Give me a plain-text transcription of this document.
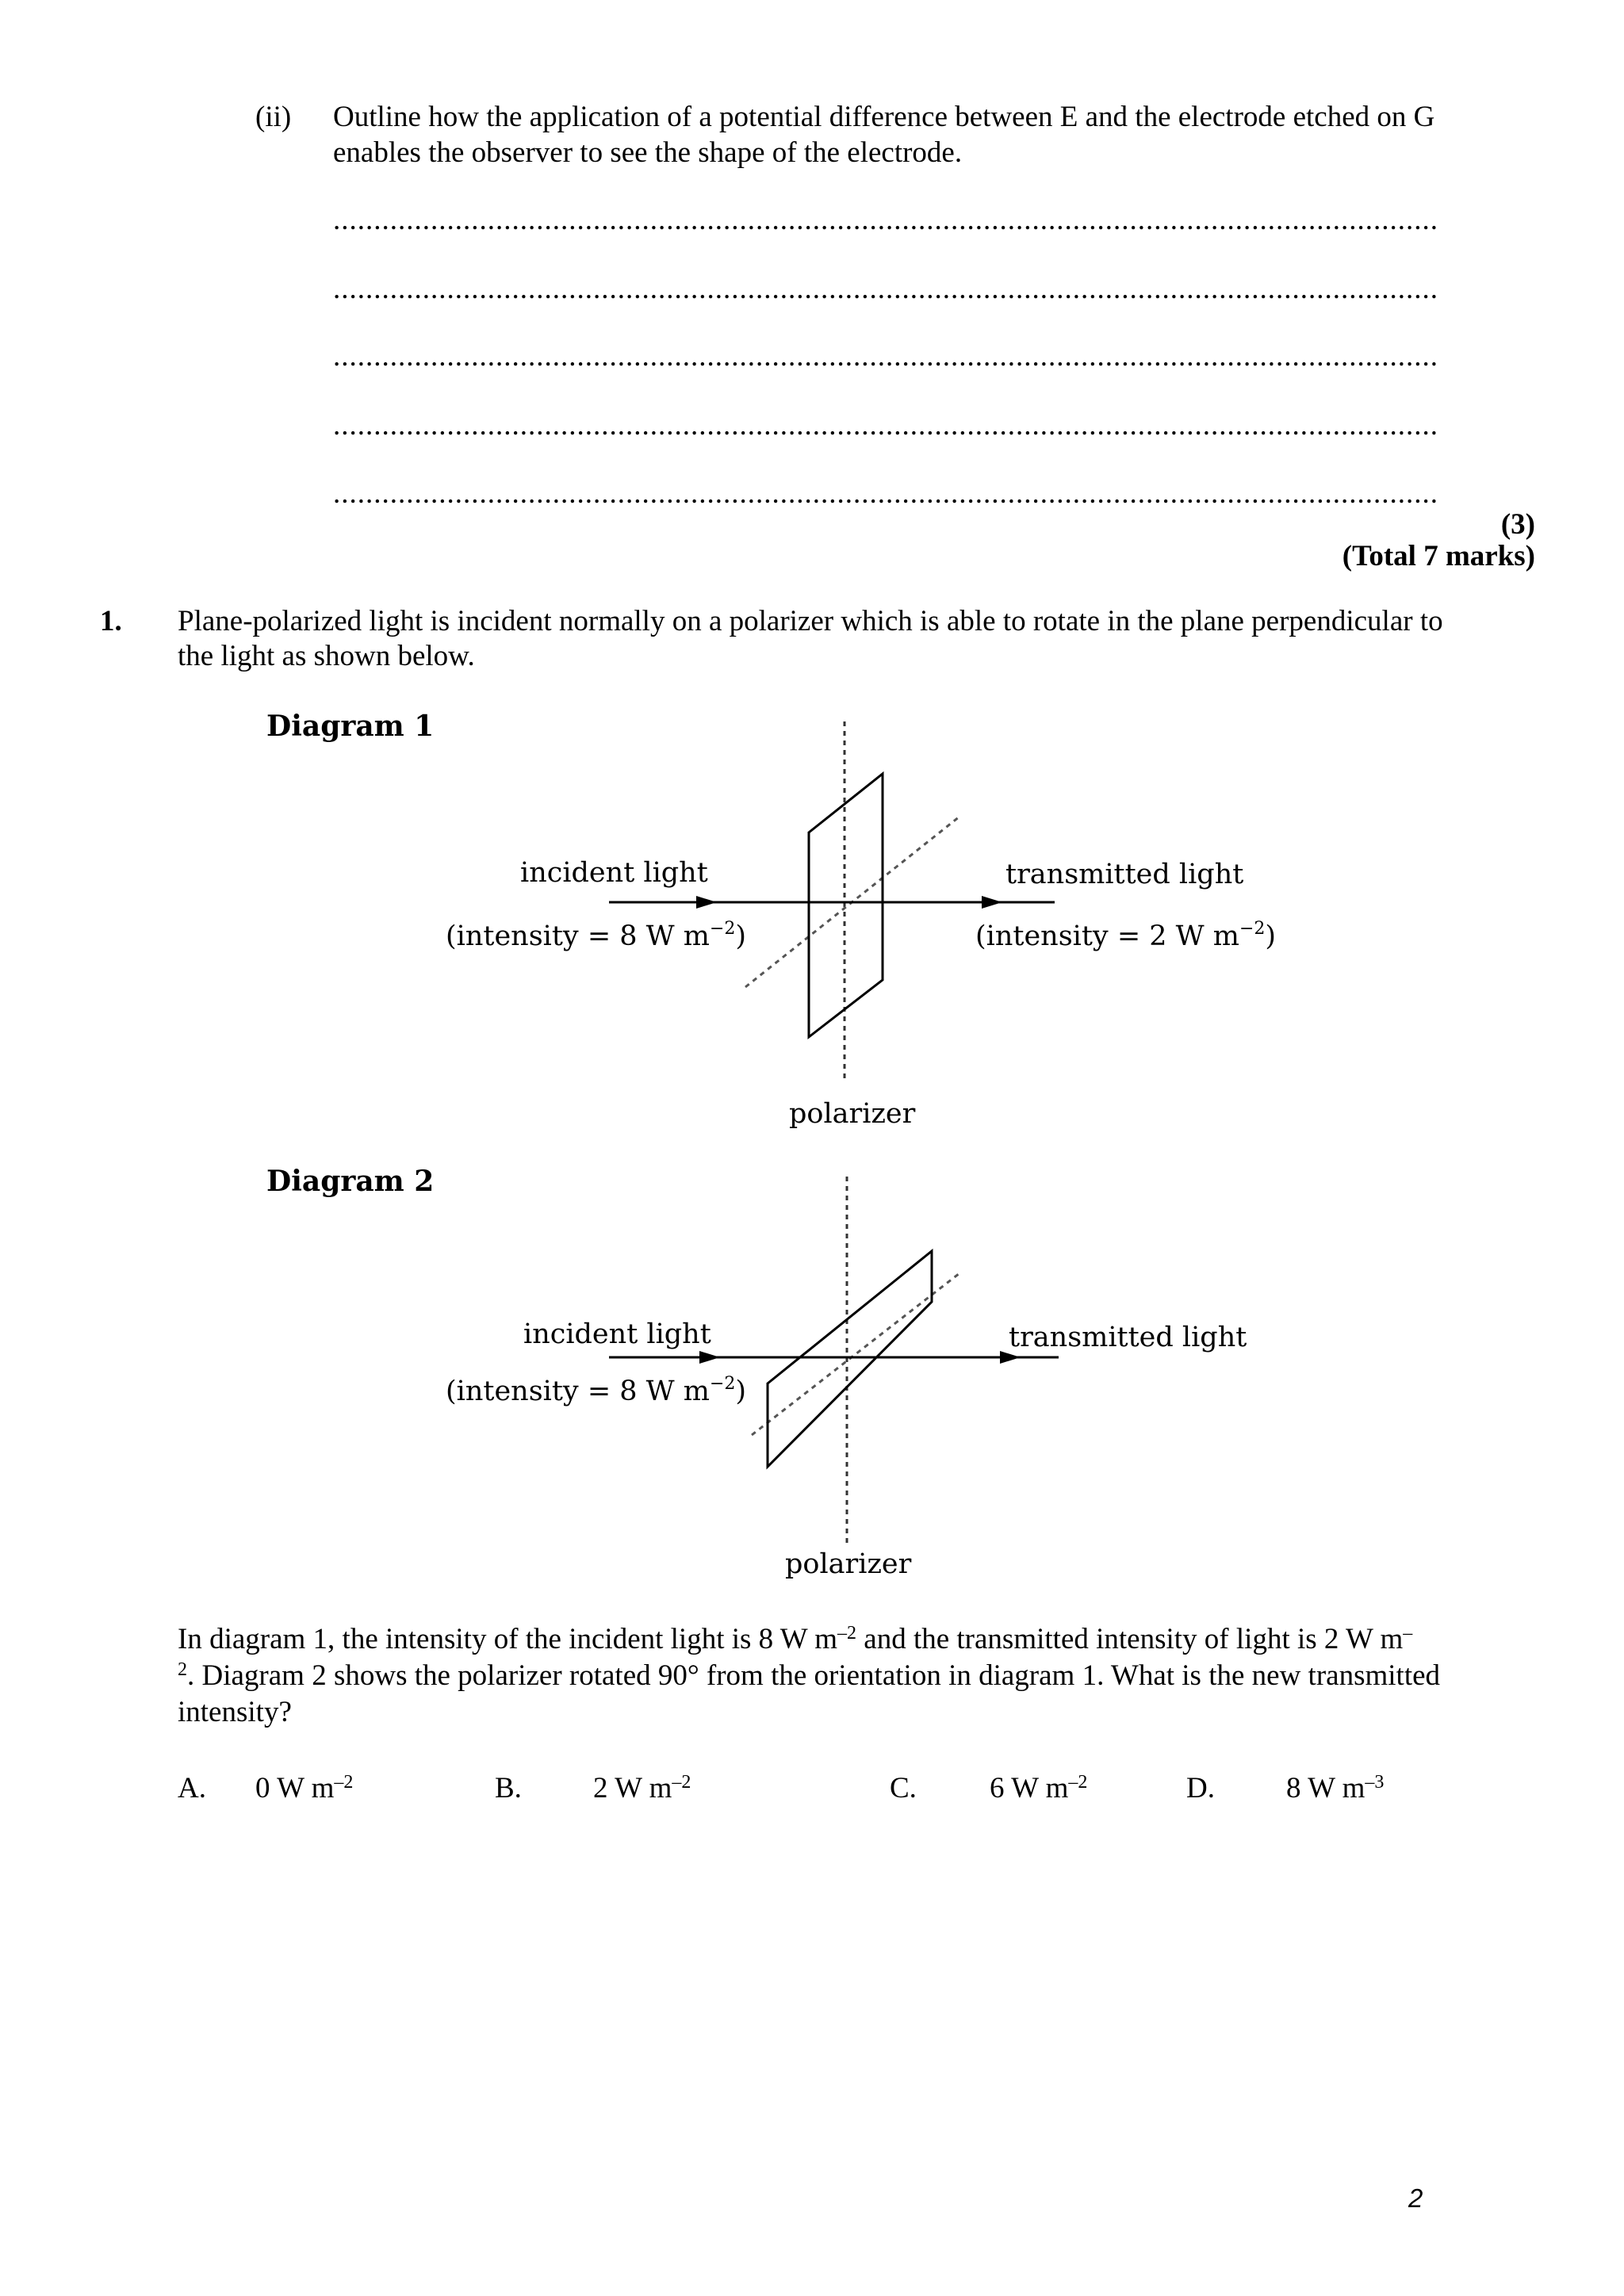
(ii) Outline how the application of a potential difference between E and the electrode etched on G
enables the observer to see the shape of the electrode.
........................................................................................................................................
........................................................................................................................................
........................................................................................................................................
........................................................................................................................................
........................................................................................................................................
(3)
(Total 7 marks)
1. Plane-polarized light is incident normally on a polarizer which is able to rotate in the plane perpendicular to
the light as shown below.
Diagram 1
incident light
(intensity = 8 W $m^{-2}$)
transmitted light
(intensity = 2 W $m^{-2}$)
polarizer
Diagram 2
incident light
(intensity = 8 W $m^{-2}$)
transmitted light
polarizer
In diagram 1, the intensity of the incident light is 8 W $m^{-2}$ and the transmitted intensity of light is 2 W m–
$^2$. Diagram 2 shows the polarizer rotated 90° from the orientation in diagram 1. What is the new transmitted
intensity?
A. 0 W $m^{-2}$	B. 2 W $m^{-2}$	C. 6 W $m^{-2}$	D. 8 W $m^{-3}$
2
